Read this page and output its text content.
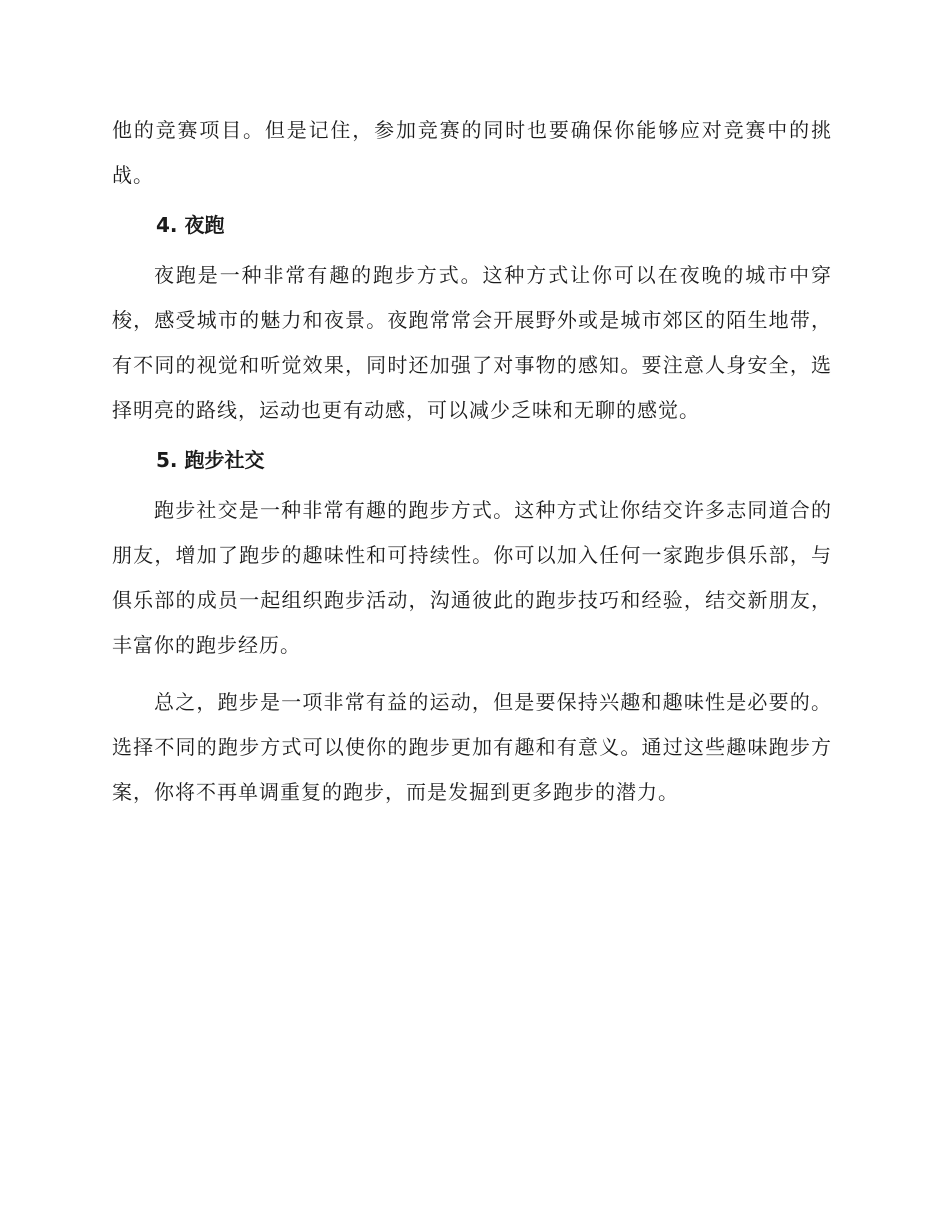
他的竞赛项目。但是记住，参加竞赛的同时也要确保你能够应对竞赛中的挑战。

4. 夜跑

夜跑是一种非常有趣的跑步方式。这种方式让你可以在夜晚的城市中穿梭，感受城市的魅力和夜景。夜跑常常会开展野外或是城市郊区的陌生地带，有不同的视觉和听觉效果，同时还加强了对事物的感知。要注意人身安全，选择明亮的路线，运动也更有动感，可以减少乏味和无聊的感觉。

5. 跑步社交

跑步社交是一种非常有趣的跑步方式。这种方式让你结交许多志同道合的朋友，增加了跑步的趣味性和可持续性。你可以加入任何一家跑步俱乐部，与俱乐部的成员一起组织跑步活动，沟通彼此的跑步技巧和经验，结交新朋友，丰富你的跑步经历。

总之，跑步是一项非常有益的运动，但是要保持兴趣和趣味性是必要的。选择不同的跑步方式可以使你的跑步更加有趣和有意义。通过这些趣味跑步方案，你将不再单调重复的跑步，而是发掘到更多跑步的潜力。
